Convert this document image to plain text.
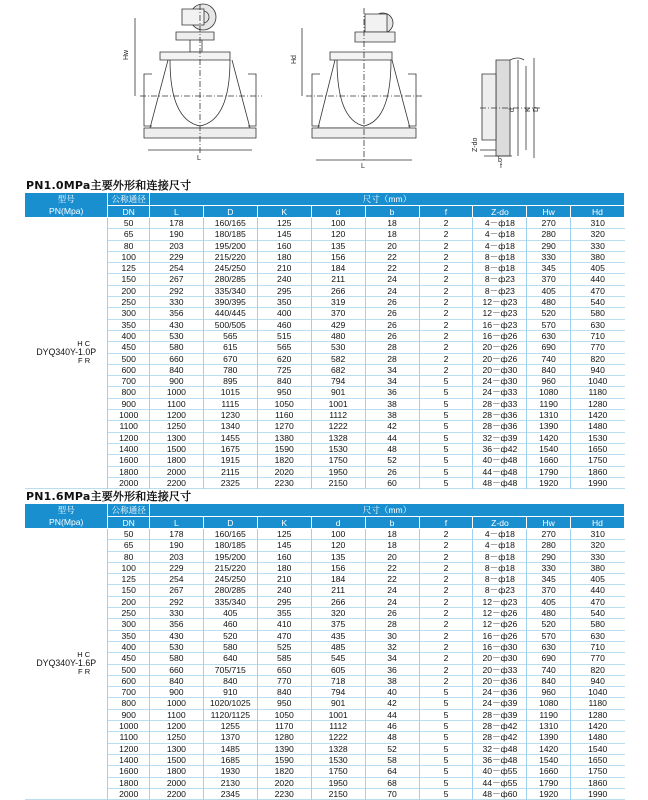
Hw	Hd
L
L
Z-do
f
b
d K D
PN1.0MPa主要外形和连接尺寸
型号
PN(Mpa)	公称通径	尺寸（mm）								
	DN	L	D	K	d	b	f	Z-do	Hw	Hd

H C
DYQ340Y-1.0P
F R	50	178	160/165	125	100	18	2	4－ф18	270	310
	65	190	180/185	145	120	18	2	4－ф18	280	320
	80	203	195/200	160	135	20	2	4－ф18	290	330
	100	229	215/220	180	156	22	2	8－ф18	330	380
	125	254	245/250	210	184	22	2	8－ф18	345	405
	150	267	280/285	240	211	24	2	8－ф23	370	440
	200	292	335/340	295	266	24	2	8－ф23	405	470
	250	330	390/395	350	319	26	2	12－ф23	480	540
	300	356	440/445	400	370	26	2	12－ф23	520	580
	350	430	500/505	460	429	26	2	16－ф23	570	630
	400	530	565	515	480	26	2	16－ф26	630	710
	450	580	615	565	530	28	2	20－ф26	690	770
	500	660	670	620	582	28	2	20－ф26	740	820
	600	840	780	725	682	34	2	20－ф30	840	940
	700	900	895	840	794	34	5	24－ф30	960	1040
	800	1000	1015	950	901	36	5	24－ф33	1080	1180
	900	1100	1115	1050	1001	38	5	28－ф33	1190	1280
	1000	1200	1230	1160	1112	38	5	28－ф36	1310	1420
	1100	1250	1340	1270	1222	42	5	28－ф36	1390	1480
	1200	1300	1455	1380	1328	44	5	32－ф39	1420	1530
	1400	1500	1675	1590	1530	48	5	36－ф42	1540	1650
	1600	1800	1915	1820	1750	52	5	40－ф48	1660	1750
	1800	2000	2115	2020	1950	26	5	44－ф48	1790	1860
	2000	2200	2325	2230	2150	60	5	48－ф48	1920	1990
PN1.6MPa主要外形和连接尺寸
型号
PN(Mpa)	公称通径	尺寸（mm）								
	DN	L	D	K	d	b	f	Z-do	Hw	Hd

H C
DYQ340Y-1.6P
F R	50	178	160/165	125	100	18	2	4－ф18	270	310
	65	190	180/185	145	120	18	2	4－ф18	280	320
	80	203	195/200	160	135	20	2	8－ф18	290	330
	100	229	215/220	180	156	22	2	8－ф18	330	380
	125	254	245/250	210	184	22	2	8－ф18	345	405
	150	267	280/285	240	211	24	2	8－ф23	370	440
	200	292	335/340	295	266	24	2	12－ф23	405	470
	250	330	405	355	320	26	2	12－ф26	480	540
	300	356	460	410	375	28	2	12－ф26	520	580
	350	430	520	470	435	30	2	16－ф26	570	630
	400	530	580	525	485	32	2	16－ф30	630	710
	450	580	640	585	545	34	2	20－ф30	690	770
	500	660	705/715	650	605	36	2	20－ф33	740	820
	600	840	840	770	718	38	2	20－ф36	840	940
	700	900	910	840	794	40	5	24－ф36	960	1040
	800	1000	1020/1025	950	901	42	5	24－ф39	1080	1180
	900	1100	1120/1125	1050	1001	44	5	28－ф39	1190	1280
	1000	1200	1255	1170	1112	46	5	28－ф42	1310	1420
	1100	1250	1370	1280	1222	48	5	28－ф42	1390	1480
	1200	1300	1485	1390	1328	52	5	32－ф48	1420	1540
	1400	1500	1685	1590	1530	58	5	36－ф48	1540	1650
	1600	1800	1930	1820	1750	64	5	40－ф55	1660	1750
	1800	2000	2130	2020	1950	68	5	44－ф55	1790	1860
	2000	2200	2345	2230	2150	70	5	48－ф60	1920	1990
